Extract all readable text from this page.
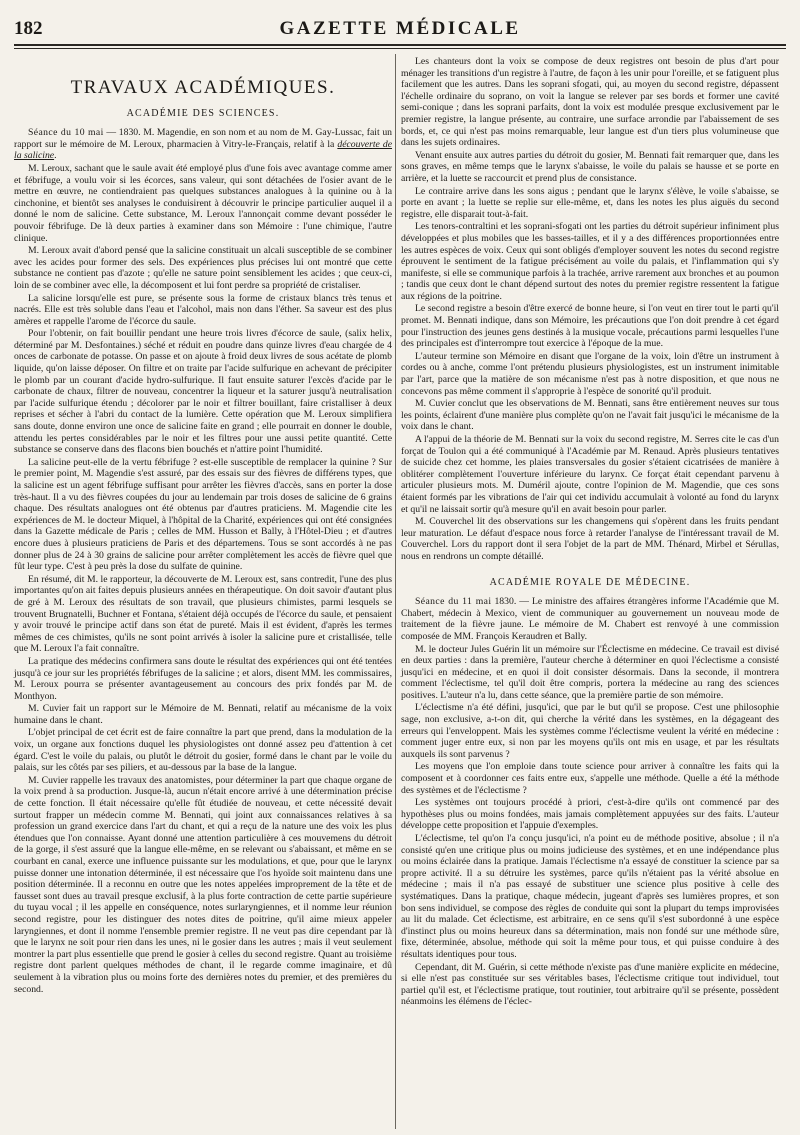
182	GAZETTE MÉDICALE
TRAVAUX ACADÉMIQUES.
ACADÉMIE DES SCIENCES.

Séance du 10 mai — 1830. M. Magendie, en son nom et au nom de M. Gay-Lussac, fait un rapport sur le mémoire de M. Leroux, pharmacien à Vitry-le-Français, relatif à la découverte de la salicine.

M. Leroux, sachant que le saule avait été employé plus d'une fois avec avantage comme amer et fébrifuge, a voulu voir si les écorces, sans valeur, qui sont détachées de l'osier avant de le mettre en œuvre, ne contiendraient pas quelques substances analogues à la quinine ou à la cinchonine, et bientôt ses analyses le conduisirent à découvrir le principe particulier auquel il a donné le nom de salicine. Cette substance, M. Leroux l'annonçait comme devant posséder le pouvoir fébrifuge. De là deux parties à examiner dans son Mémoire : l'une chimique, l'autre clinique.

M. Leroux avait d'abord pensé que la salicine constituait un alcali susceptible de se combiner avec les acides pour former des sels. Des expériences plus précises lui ont montré que cette substance ne contient pas d'azote ; qu'elle ne sature point sensiblement les acides ; que ceux-ci, loin de se combiner avec elle, la décomposent et lui font perdre sa propriété de cristaliser.

La salicine lorsqu'elle est pure, se présente sous la forme de cristaux blancs très tenus et nacrés. Elle est très soluble dans l'eau et l'alcohol, mais non dans l'éther. Sa saveur est des plus amères et rappelle l'arome de l'écorce du saule.

Pour l'obtenir, on fait bouillir pendant une heure trois livres d'écorce de saule, (salix helix, déterminé par M. Desfontaines.) séché et réduit en poudre dans quinze livres d'eau chargée de 4 onces de carbonate de potasse. On passe et on ajoute à froid deux livres de sous acétate de plomb liquide, qu'on laisse déposer. On filtre et on traite par l'acide sulfurique en achevant de précipiter le plomb par un courant d'acide hydro-sulfurique. Il faut ensuite saturer l'excès d'acide par le carbonate de chaux, filtrer de nouveau, concentrer la liqueur et la saturer jusqu'à neutralisation par l'acide sulfurique étendu ; décolorer par le noir et filtrer bouillant, faire cristalliser à deux reprises et sécher à l'abri du contact de la lumière. Cette opération que M. Leroux simplifiera sans doute, donne environ une once de salicine faite en grand ; elle pourrait en donner le double, attendu les pertes considérables par le noir et les filtres pour une aussi petite quantité. Cette substance se conserve dans des flacons bien bouchés et n'attire point l'humidité.

La salicine peut-elle de la vertu fébrifuge ? est-elle susceptible de remplacer la quinine ? Sur le premier point, M. Magendie s'est assuré, par des essais sur des fièvres de différens types, que la salicine est un agent fébrifuge suffisant pour arrêter les fièvres d'accès, sans en porter la dose très-haut. Il a vu des fièvres coupées du jour au lendemain par trois doses de salicine de 6 grains chaque. Des résultats analogues ont été obtenus par d'autres praticiens. M. Magendie cite les expériences de M. le docteur Miquel, à l'hôpital de la Charité, expériences qui ont été consignées dans la Gazette médicale de Paris ; celles de MM. Husson et Bally, à l'Hôtel-Dieu ; et d'autres encore dues à plusieurs praticiens de Paris et des départemens. Tous se sont accordés à ne pas donner plus de 24 à 30 grains de salicine pour arrêter complètement les accès de fièvre quel que fût leur type. C'est à peu près la dose du sulfate de quinine.

En résumé, dit M. le rapporteur, la découverte de M. Leroux est, sans contredit, l'une des plus importantes qu'on ait faites depuis plusieurs années en thérapeutique. On doit savoir d'autant plus de gré à M. Leroux des résultats de son travail, que plusieurs chimistes, parmi lesquels se trouvent Brugnatelli, Buchner et Fontana, s'étaient déjà occupés de l'écorce du saule, et pensaient y avoir trouvé le principe actif dans son état de pureté. Mais il est évident, d'après les termes mêmes de ces chimistes, qu'ils ne sont point arrivés à isoler la salicine pure et cristallisée, telle que M. Leroux l'a fait connaître.

La pratique des médecins confirmera sans doute le résultat des expériences qui ont été tentées jusqu'à ce jour sur les propriétés fébrifuges de la salicine ; et alors, disent MM. les commissaires, M. Leroux pourra se présenter avantageusement au concours des prix fondés par M. de Monthyon.

M. Cuvier fait un rapport sur le Mémoire de M. Bennati, relatif au mécanisme de la voix humaine dans le chant.

L'objet principal de cet écrit est de faire connaître la part que prend, dans la modulation de la voix, un organe aux fonctions duquel les physiologistes ont donné assez peu d'attention à cet égard. C'est le voile du palais, ou plutôt le détroit du gosier, formé dans le chant par le voile du palais, sur les côtés par ses piliers, et au-dessous par la base de la langue.

M. Cuvier rappelle les travaux des anatomistes, pour déterminer la part que chaque organe de la voix prend à sa production. Jusque-là, aucun n'était encore arrivé à une détermination précise de cette fonction. Il était nécessaire qu'elle fût étudiée de nouveau, et cette nécessité devait surtout frapper un médecin comme M. Bennati, qui joint aux connaissances relatives à sa profession un grand exercice dans l'art du chant, et qui a reçu de la nature une des voix les plus étendues que l'on connaisse. Ayant donné une attention particulière à ces mouvemens du détroit de la gorge, il s'est assuré que la langue elle-même, en se relevant ou s'abaissant, et même en se courbant en canal, exerce une influence puissante sur les modulations, et que, pour que le larynx puisse donner une intonation déterminée, il est nécessaire que l'os hyoïde soit maintenu dans une position déterminée. Il a reconnu en outre que les notes appelées improprement de la tête et de fausset sont dues au travail presque exclusif, à la plus forte contraction de cette partie supérieure du tuyau vocal ; il les appelle en conséquence, notes surlaryngiennes, et il nomme leur réunion second registre, pour les distinguer des notes dites de poitrine, qu'il aime mieux appeler laryngiennes, et dont il nomme l'ensemble premier registre. Il ne veut pas dire cependant par là que le larynx ne soit pour rien dans les unes, ni le gosier dans les autres ; mais il veut seulement montrer la part plus essentielle que prend le gosier à celles du second registre. Quant au troisième registre dont parlent quelques méthodes de chant, il le regarde comme imaginaire, et dû seulement à la vibration plus ou moins forte des dernières notes du premier, et des premières du second.

Les chanteurs dont la voix se compose de deux registres ont besoin de plus d'art pour ménager les transitions d'un registre à l'autre, de façon à les unir pour l'oreille, et se fatiguent plus facilement que les autres. Dans les soprani sfogati, qui, au moyen du second registre, dépassent l'échelle ordinaire du soprano, on voit la langue se relever par ses bords et former une cavité semi-conique ; dans les soprani parfaits, dont la voix est modulée presque exclusivement par le premier registre, la langue présente, au contraire, une surface arrondie par l'abaissement de ses bords, et, ce qui n'est pas moins remarquable, leur langue est d'un tiers plus volumineuse que dans les sujets ordinaires.

Venant ensuite aux autres parties du détroit du gosier, M. Bennati fait remarquer que, dans les sons graves, en même temps que le larynx s'abaisse, le voile du palais se hausse et se porte en arrière, et la luette se raccourcit et prend plus de consistance.

Le contraire arrive dans les sons aigus ; pendant que le larynx s'élève, le voile s'abaisse, se porte en avant ; la luette se replie sur elle-même, et, dans les notes les plus aiguës du second registre, elle disparait tout-à-fait.

Les tenors-contraltini et les soprani-sfogati ont les parties du détroit supérieur infiniment plus développées et plus mobiles que les basses-tailles, et il y a des différences proportionnées entre les autres espèces de voix. Ceux qui sont obligés d'employer souvent les notes du second registre éprouvent le sentiment de la fatigue précisément au voile du palais, et l'inflammation qui s'y manifeste, si elle se communique parfois à la trachée, arrive rarement aux bronches et au poumon ; tandis que ceux dont le chant dépend surtout des notes du premier registre ressentent la fatigue aux régions de la poitrine.

Le second registre a besoin d'être exercé de bonne heure, si l'on veut en tirer tout le parti qu'il promet. M. Bennati indique, dans son Mémoire, les précautions que l'on doit prendre à cet égard pour l'instruction des jeunes gens destinés à la musique vocale, précautions parmi lesquelles l'une des principales est d'interrompre tout exercice à l'époque de la mue.

L'auteur termine son Mémoire en disant que l'organe de la voix, loin d'être un instrument à cordes ou à anche, comme l'ont prétendu plusieurs physiologistes, est un instrument inimitable par l'art, parce que la matière de son mécanisme n'est pas à notre disposition, et que nous ne concevons pas même comment il s'approprie à l'espèce de sonorité qu'il produit.

M. Cuvier conclut que les observations de M. Bennati, sans être entièrement neuves sur tous les points, éclairent d'une manière plus complète qu'on ne l'avait fait jusqu'ici le mécanisme de la voix dans le chant.

A l'appui de la théorie de M. Bennati sur la voix du second registre, M. Serres cite le cas d'un forçat de Toulon qui a été communiqué à l'Académie par M. Renaud. Après plusieurs tentatives de suicide chez cet homme, les plaies transversales du gosier s'étaient cicatrisées de manière à oblitérer complètement l'ouverture inférieure du larynx. Ce forçat était cependant parvenu à articuler plusieurs mots. M. Duméril ajoute, contre l'opinion de M. Magendie, que ces sons étaient formés par les vibrations de l'air qui cet individu accumulait à volonté au fond du larynx et qu'il ne laissait sortir qu'à mesure qu'il en avait besoin pour parler.

M. Couverchel lit des observations sur les changemens qui s'opèrent dans les fruits pendant leur maturation. Le défaut d'espace nous force à retarder l'analyse de l'intéressant travail de M. Couverchel. Lors du rapport dont il sera l'objet de la part de MM. Thénard, Mirbel et Sérullas, nous en rendrons un compte détaillé.

ACADÉMIE ROYALE DE MÉDECINE.

Séance du 11 mai 1830. — Le ministre des affaires étrangères informe l'Académie que M. Chabert, médecin à Mexico, vient de communiquer au gouvernement un nouveau mode de traitement de la fièvre jaune. Le mémoire de M. Chabert est renvoyé à une commission composée de MM. François Keraudren et Bally.

M. le docteur Jules Guérin lit un mémoire sur l'Éclectisme en médecine. Ce travail est divisé en deux parties : dans la première, l'auteur cherche à déterminer en quoi l'éclectisme a consisté jusqu'ici en médecine, et en quoi il doit consister désormais. Dans la seconde, il montrera comment l'éclectisme, tel qu'il doit être compris, portera la médecine au rang des sciences positives. L'auteur n'a lu, dans cette séance, que la première partie de son mémoire.

L'éclectisme n'a été défini, jusqu'ici, que par le but qu'il se propose. C'est une philosophie sage, non exclusive, a-t-on dit, qui cherche la vérité dans les systèmes, en la dégageant des erreurs qui l'enveloppent. Mais les systèmes comme l'éclectisme veulent la vérité en médecine : comment juger entre eux, si non par les moyens qu'ils ont mis en usage, et par les résultats auxquels ils sont parvenus ?

Les moyens que l'on emploie dans toute science pour arriver à connaître les faits qui la composent et à coordonner ces faits entre eux, s'appelle une méthode. Quelle a été la méthode des systèmes et de l'éclectisme ?

Les systèmes ont toujours procédé à priori, c'est-à-dire qu'ils ont commencé par des hypothèses plus ou moins fondées, mais jamais complètement appuyées sur des faits. L'auteur développe cette proposition et l'appuie d'exemples.

L'éclectisme, tel qu'on l'a conçu jusqu'ici, n'a point eu de méthode positive, absolue ; il n'a consisté qu'en une critique plus ou moins judicieuse des systèmes, et en une indépendance plus ou moins éclairée dans la pratique. Jamais l'éclectisme n'a essayé de constituer la science par sa propre activité. Il a su détruire les systèmes, parce qu'ils n'étaient pas la vérité absolue en médecine ; mais il n'a pas essayé de substituer une science plus positive à celle des systématiques. Dans la pratique, chaque médecin, jugeant d'après ses lumières propres, et son bon sens individuel, se compose des règles de conduite qui sont la plupart du temps improvisées au lit du malade. Cet éclectisme, est arbitraire, en ce sens qu'il s'est subordonné à une espèce d'instinct plus ou moins heureux dans sa détermination, mais non fondé sur une méthode sûre, fixe, déterminée, absolue, méthode qui soit la même pour tous, et qui puisse conduire à des résultats identiques pour tous.

Cependant, dit M. Guérin, si cette méthode n'existe pas d'une manière explicite en médecine, si elle n'est pas constituée sur ses véritables bases, l'éclectisme critique tout individuel, tout partiel qu'il est, et l'éclectisme pratique, tout routinier, tout arbitraire qu'il se présente, possèdent néanmoins les élémens de l'éclec-
